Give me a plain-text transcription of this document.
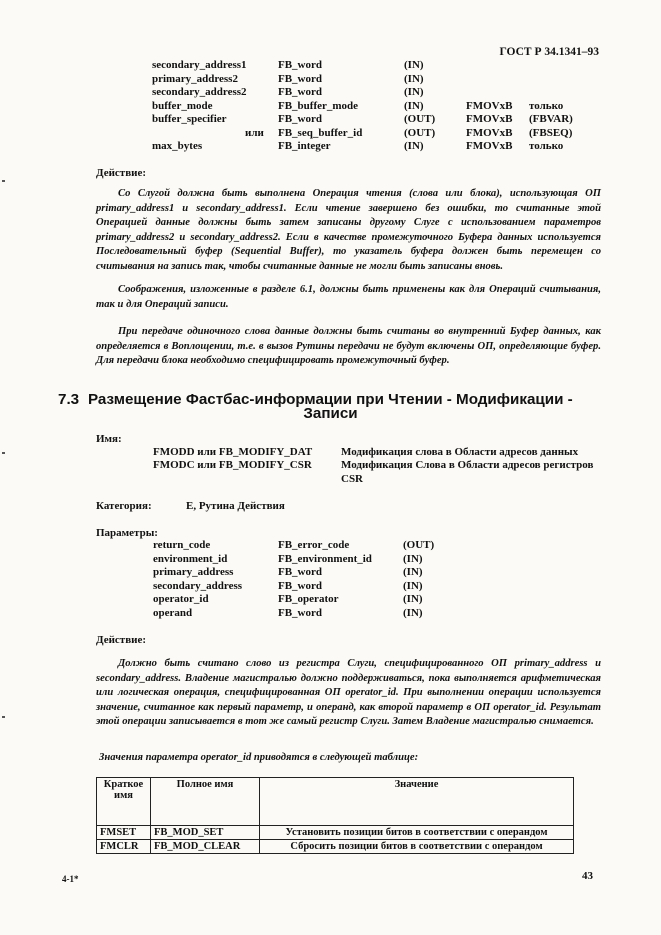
ГОСТ Р 34.1341–93
secondary_address1	FB_word	(IN)
primary_address2	FB_word	(IN)
secondary_address2	FB_word	(IN)
buffer_mode	FB_buffer_mode	(IN)	FMOVxB только
buffer_specifier	FB_word	(OUT)	FMOVxB (FBVAR)
или FB_seq_buffer_id	(OUT)	FMOVxB (FBSEQ)
max_bytes	FB_integer	(IN)	FMOVxB только
Действие:
Со Слугой должна быть выполнена Операция чтения (слова или блока), использующая ОП primary_address1 и secondary_address1. Если чтение завершено без ошибки, то считанные этой Операцией данные должны быть затем записаны другому Слуге с использованием параметров primary_address2 и secondary_address2. Если в качестве промежуточного Буфера данных используется Последовательный буфер (Sequential Buffer), то указатель буфера должен быть перемещен со считывания на запись так, чтобы считанные данные не могли быть записаны вновь.
Соображения, изложенные в разделе 6.1, должны быть применены как для Операций считывания, так и для Операций записи.
При передаче одиночного слова данные должны быть считаны во внутренний Буфер данных, как определяется в Воплощении, т.е. в вызов Рутины передачи не будут включены ОП, определяющие буфер. Для передачи блока необходимо специфицировать промежуточный буфер.
7.3 Размещение Фастбас-информации при Чтении - Модификации -
Записи
Имя:
FMODD или FB_MODIFY_DAT	Модификация слова в Области адресов данных
FMODC или FB_MODIFY_CSR	Модификация Слова в Области адресов регистров CSR
Категория:	Е, Рутина Действия
Параметры:
return_code	FB_error_code	(OUT)
environment_id	FB_environment_id	(IN)
primary_address	FB_word	(IN)
secondary_address	FB_word	(IN)
operator_id	FB_operator	(IN)
operand	FB_word	(IN)
Действие:
Должно быть считано слово из регистра Слуги, специфицированного ОП primary_address и secondary_address. Владение магистралью должно поддерживаться, пока выполняется арифметическая или логическая операция, специфицированная ОП operator_id. При выполнении операции используется значение, считанное как первый параметр, и операнд, как второй параметр в ОП operator_id. Результат этой операции записывается в тот же самый регистр Слуги. Затем Владение магистралью снимается.
Значения параметра operator_id приводятся в следующей таблице:
Краткое имя	Полное имя	Значение
FMSET	FB_MOD_SET	Установить позиции битов в соответствии с операндом
FMCLR	FB_MOD_CLEAR	Сбросить позиции битов в соответствии с операндом
4-1*	43
